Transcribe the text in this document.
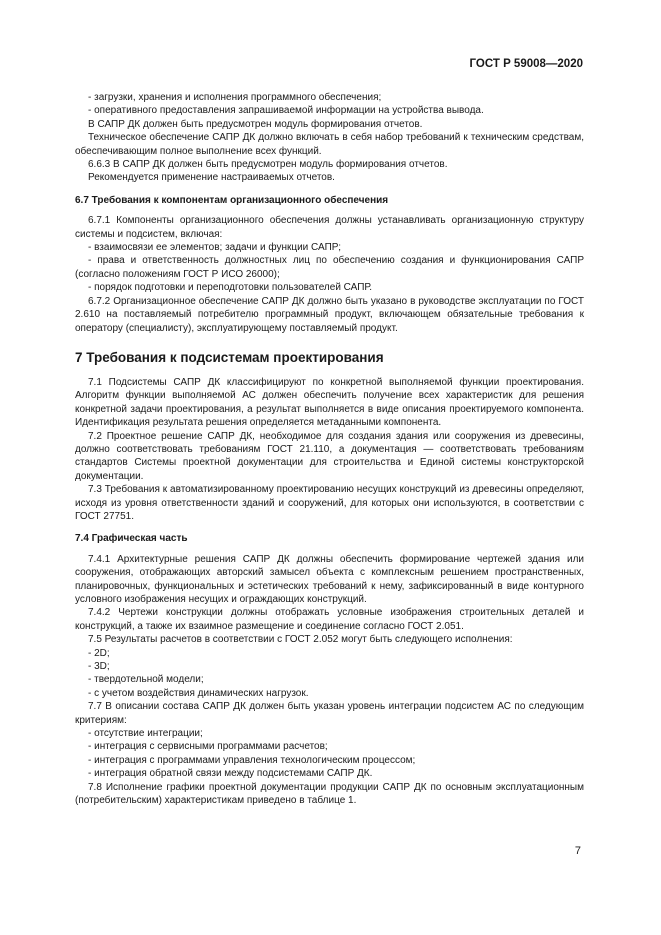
ГОСТ Р 59008—2020

- загрузки, хранения и исполнения программного обеспечения;

- оперативного предоставления запрашиваемой информации на устройства вывода.

В САПР ДК должен быть предусмотрен модуль формирования отчетов.

Техническое обеспечение САПР ДК должно включать в себя набор требований к техническим средствам, обеспечивающим полное выполнение всех функций.

6.6.3 В САПР ДК должен быть предусмотрен модуль формирования отчетов.

Рекомендуется применение настраиваемых отчетов.

6.7 Требования к компонентам организационного обеспечения

6.7.1 Компоненты организационного обеспечения должны устанавливать организационную структуру системы и подсистем, включая:

- взаимосвязи ее элементов; задачи и функции САПР;

- права и ответственность должностных лиц по обеспечению создания и функционирования САПР (согласно положениям ГОСТ Р ИСО 26000);

- порядок подготовки и переподготовки пользователей САПР.

6.7.2 Организационное обеспечение САПР ДК должно быть указано в руководстве эксплуатации по ГОСТ 2.610 на поставляемый потребителю программный продукт, включающем обязательные требования к оператору (специалисту), эксплуатирующему поставляемый продукт.

7 Требования к подсистемам проектирования

7.1 Подсистемы САПР ДК классифицируют по конкретной выполняемой функции проектирования. Алгоритм функции выполняемой АС должен обеспечить получение всех характеристик для решения конкретной задачи проектирования, а результат выполняется в виде описания проектируемого компонента. Идентификация результата решения определяется метаданными компонента.

7.2 Проектное решение САПР ДК, необходимое для создания здания или сооружения из древесины, должно соответствовать требованиям ГОСТ 21.110, а документация — соответствовать требованиям стандартов Системы проектной документации для строительства и Единой системы конструкторской документации.

7.3 Требования к автоматизированному проектированию несущих конструкций из древесины определяют, исходя из уровня ответственности зданий и сооружений, для которых они используются, в соответствии с ГОСТ 27751.

7.4 Графическая часть

7.4.1 Архитектурные решения САПР ДК должны обеспечить формирование чертежей здания или сооружения, отображающих авторский замысел объекта с комплексным решением пространственных, планировочных, функциональных и эстетических требований к нему, зафиксированный в виде контурного условного изображения несущих и ограждающих конструкций.

7.4.2 Чертежи конструкции должны отображать условные изображения строительных деталей и конструкций, а также их взаимное размещение и соединение согласно ГОСТ 2.051.

7.5 Результаты расчетов в соответствии с ГОСТ 2.052 могут быть следующего исполнения:

- 2D;

- 3D;

- твердотельной модели;

- с учетом воздействия динамических нагрузок.

7.7 В описании состава САПР ДК должен быть указан уровень интеграции подсистем АС по следующим критериям:

- отсутствие интеграции;

- интеграция с сервисными программами расчетов;

- интеграция с программами управления технологическим процессом;

- интеграция обратной связи между подсистемами САПР ДК.

7.8 Исполнение графики проектной документации продукции САПР ДК по основным эксплуатационным (потребительским) характеристикам приведено в таблице 1.

7
